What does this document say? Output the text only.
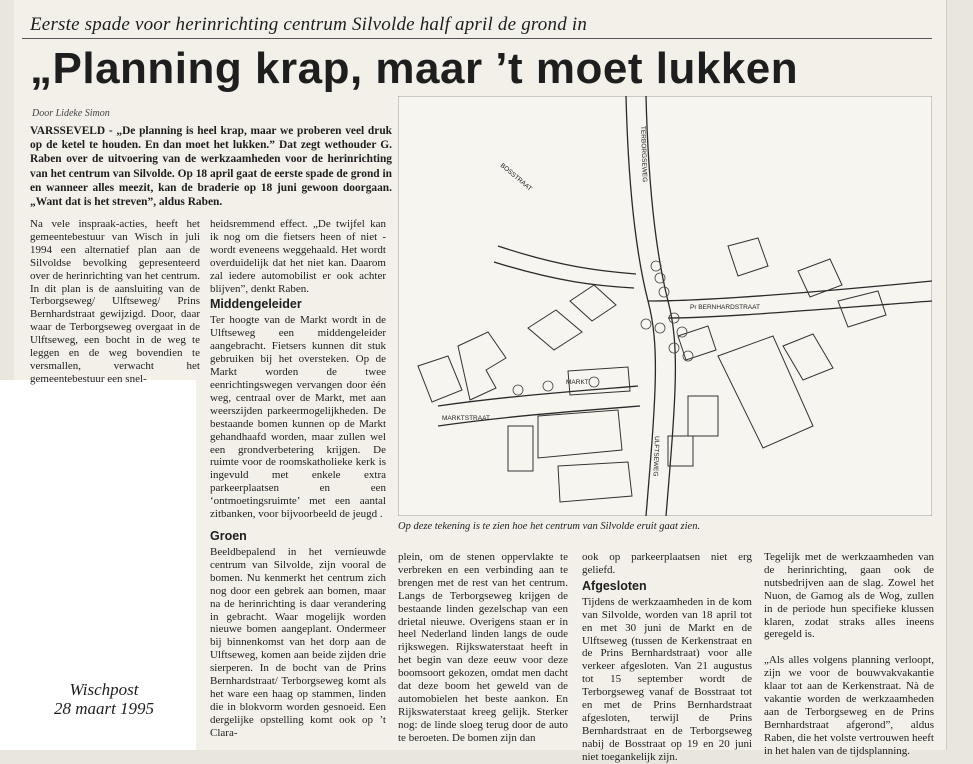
Eerste spade voor herinrichting centrum Silvolde half april de grond in
„Planning krap, maar ’t moet lukken
Door Lideke Simon
VARSSEVELD - „De planning is heel krap, maar we proberen veel druk op de ketel te houden. En dan moet het lukken.” Dat zegt wethouder G. Raben over de uitvoering van de werkzaamheden voor de herinrichting van het centrum van Silvolde. Op 18 april gaat de eerste spade de grond in en wanneer alles meezit, kan de braderie op 18 juni gewoon doorgaan. „Want dat is het streven”, aldus Raben.

Na vele inspraak-acties, heeft het gemeentebestuur van Wisch in juli 1994 een alternatief plan aan de Silvoldse bevolking gepresenteerd over de herinrichting van het centrum. In dit plan is de aansluiting van de Terborgseweg/ Ulftseweg/ Prins Bernhardstraat gewijzigd. Door, daar waar de Terborgseweg overgaat in de Ulftseweg, een bocht in de weg te leggen en de weg bovendien te versmallen, verwacht het gemeentebestuur een snel-

heidsremmend effect. „De twijfel kan ik nog om die fietsers heen of niet - wordt eveneens weggehaald. Het wordt overduidelijk dat het niet kan. Daarom zal iedere automobilist er ook achter blijven”, denkt Raben.

Middengeleider

Ter hoogte van de Markt wordt in de Ulftseweg een middengeleider aangebracht. Fietsers kunnen dit stuk gebruiken bij het oversteken. Op de Markt worden de twee eenrichtingswegen vervangen door één weg, centraal over de Markt, met aan weerszijden parkeermogelijkheden. De bestaande bomen kunnen op de Markt gehandhaafd worden, maar zullen wel een grondverbetering krijgen. De ruimte voor de roomskatholieke kerk is ingevuld met enkele extra parkeerplaatsen en een ‘ontmoetingsruimte’ met een aantal zitbanken, voor bijvoorbeeld de jeugd .

Groen

Beeldbepalend in het vernieuwde centrum van Silvolde, zijn vooral de bomen. Nu kenmerkt het centrum zich nog door een gebrek aan bomen, maar na de herinrichting is daar verandering in gebracht. Waar mogelijk worden nieuwe bomen aangeplant. Ondermeer bij binnenkomst van het dorp aan de Ulftseweg, komen aan beide zijden drie sierperen. In de bocht van de Prins Bernhardstraat/ Terborgseweg komt als het ware een haag op stammen, linden die in blokvorm worden gesnoeid. Een dergelijke opstelling komt ook op ’t Clara-

TERBORGSEWEG
BOSSTRAAT
Pr BERNHARDSTRAAT
MARKT
MARKTSTRAAT
ULFTSEWEG
Op deze tekening is te zien hoe het centrum van Silvolde eruit gaat zien.

plein, om de stenen oppervlakte te verbreken en een verbinding aan te brengen met de rest van het centrum. Langs de Terborgseweg krijgen de bestaande linden gezelschap van een drietal nieuwe. Overigens staan er in heel Nederland linden langs de oude rijkswegen. Rijkswaterstaat heeft in het begin van deze eeuw voor deze boomsoort gekozen, omdat men dacht dat deze boom het geweld van de automobielen het beste aankon. En Rijkswaterstaat kreeg gelijk. Sterker nog: de linde sloeg terug door de auto te beroeten. De bomen zijn dan

ook op parkeerplaatsen niet erg geliefd.

Afgesloten

Tijdens de werkzaamheden in de kom van Silvolde, worden van 18 april tot en met 30 juni de Markt en de Ulftseweg (tussen de Kerkenstraat en de Prins Bernhardstraat) voor alle verkeer afgesloten. Van 21 augustus tot 15 september wordt de Terborgseweg vanaf de Bosstraat tot en met de Prins Bernhardstraat afgesloten, terwijl de Prins Bernhardstraat en de Terborgseweg nabij de Bosstraat op 19 en 20 juni niet toegankelijk zijn.

Tegelijk met de werkzaamheden van de herinrichting, gaan ook de nutsbedrijven aan de slag. Zowel het Nuon, de Gamog als de Wog, zullen in de periode hun specifieke klussen klaren, zodat straks alles ineens geregeld is.

„Als alles volgens planning verloopt, zijn we voor de bouwvakvakantie klaar tot aan de Kerkenstraat. Nà de vakantie worden de werkzaamheden aan de Terborgseweg en de Prins Bernhardstraat afgerond”, aldus Raben, die het volste vertrouwen heeft in het halen van de tijdsplanning.

Wischpost
28 maart 1995
